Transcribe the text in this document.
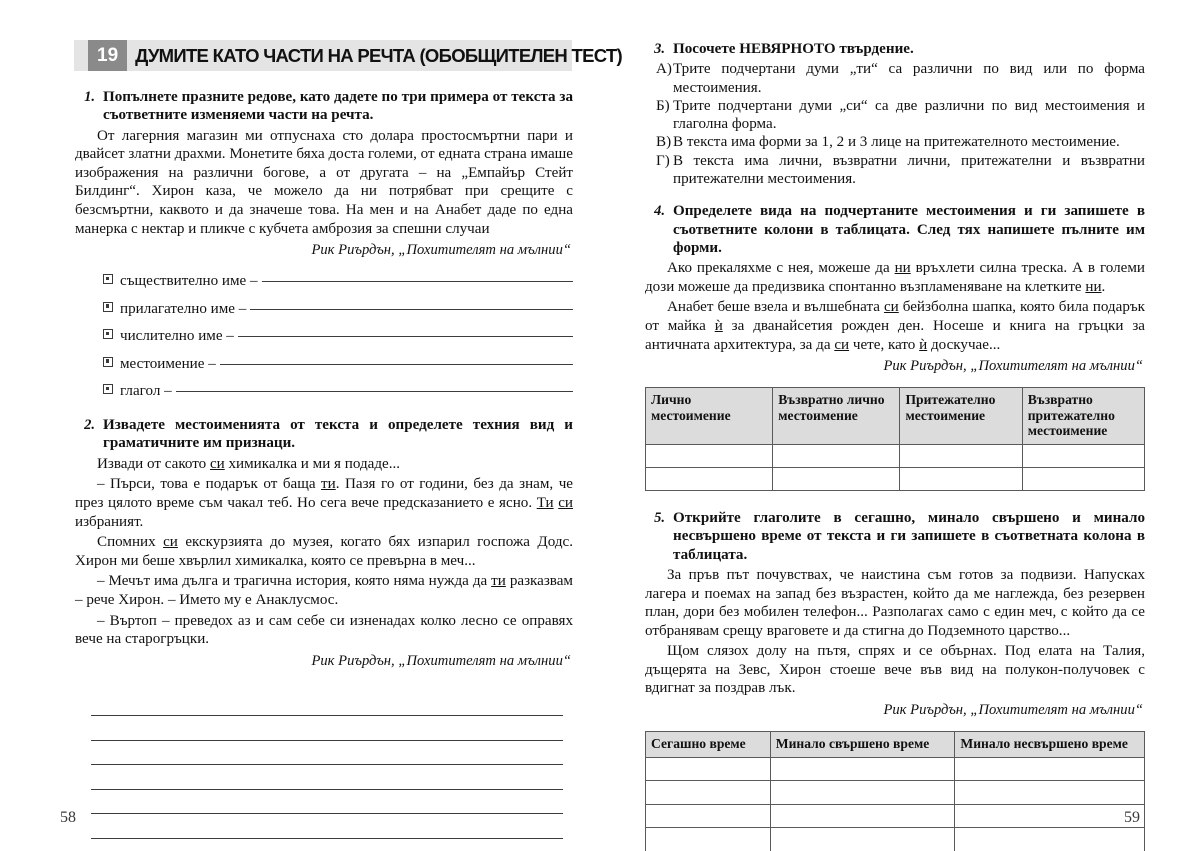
19 ДУМИТЕ КАТО ЧАСТИ НА РЕЧТА (ОБОБЩИТЕЛЕН ТЕСТ)
1. Попълнете празните редове, като дадете по три примера от текста за съответните изменяеми части на речта.

От лагерния магазин ми отпуснаха сто долара простосмъртни пари и двайсет златни драхми. Монетите бяха доста големи, от едната страна имаше изображения на различни богове, а от другата – на „Емпайър Стейт Билдинг“. Хирон каза, че можело да ни потрябват при срещите с безсмъртни, каквото и да значеше това. На мен и на Анабет даде по една манерка с нектар и пликче с кубчета амброзия за спешни случаи

Рик Риърдън, „Похитителят на мълнии“
съществително име –
прилагателно име –
числително име –
местоимение –
глагол –
2. Извадете местоименията от текста и определете техния вид и граматичните им признаци.

Извади от сакото си химикалка и ми я подаде...

– Пърси, това е подарък от баща ти. Пазя го от години, без да знам, че през цялото време съм чакал теб. Но сега вече предсказанието е ясно. Ти си избраният.

Спомних си екскурзията до музея, когато бях изпарил госпожа Додс. Хирон ми беше хвърлил химикалка, която се превърна в меч...

– Мечът има дълга и трагична история, която няма нужда да ти разказвам – рече Хирон. – Името му е Анаклусмос.

– Въртоп – преведох аз и сам себе си изненадах колко лесно се оправях вече на старогръцки.

Рик Риърдън, „Похитителят на мълнии“
58
3. Посочете НЕВЯРНОТО твърдение.
А) Трите подчертани думи „ти“ са различни по вид или по форма местоимения.
Б) Трите подчертани думи „си“ са две различни по вид местоимения и глаголна форма.
В) В текста има форми за 1, 2 и 3 лице на притежателното местоимение.
Г) В текста има лични, възвратни лични, притежателни и възвратни притежателни местоимения.
4. Определете вида на подчертаните местоимения и ги запишете в съответните колони в таблицата. След тях напишете пълните им форми.

Ако прекаляхме с нея, можеше да ни връхлети силна треска. А в големи дози можеше да предизвика спонтанно възпламеняване на клетките ни.

Анабет беше взела и вълшебната си бейзболна шапка, която била подарък от майка ѝ за дванайсетия рожден ден. Носеше и книга на гръцки за античната архитектура, за да си чете, като ѝ доскучае...

Рик Риърдън, „Похитителят на мълнии“
Лично местоимение	Възвратно лично местоимение	Притежателно местоимение	Възвратно притежателно местоимение

5. Открийте глаголите в сегашно, минало свършено и минало несвършено време от текста и ги запишете в съответната колона в таблицата.

За пръв път почувствах, че наистина съм готов за подвизи. Напусках лагера и поемах на запад без възрастен, който да ме наглежда, без резервен план, дори без мобилен телефон... Разполагах само с един меч, с който да се отбранявам срещу враговете и да стигна до Подземното царство...

Щом слязох долу на пътя, спрях и се обърнах. Под елата на Талия, дъщерята на Зевс, Хирон стоеше вече във вид на полукон-получовек с вдигнат за поздрав лък.

Рик Риърдън, „Похитителят на мълнии“
Сегашно време	Минало свършено време	Минало несвършено време

59
